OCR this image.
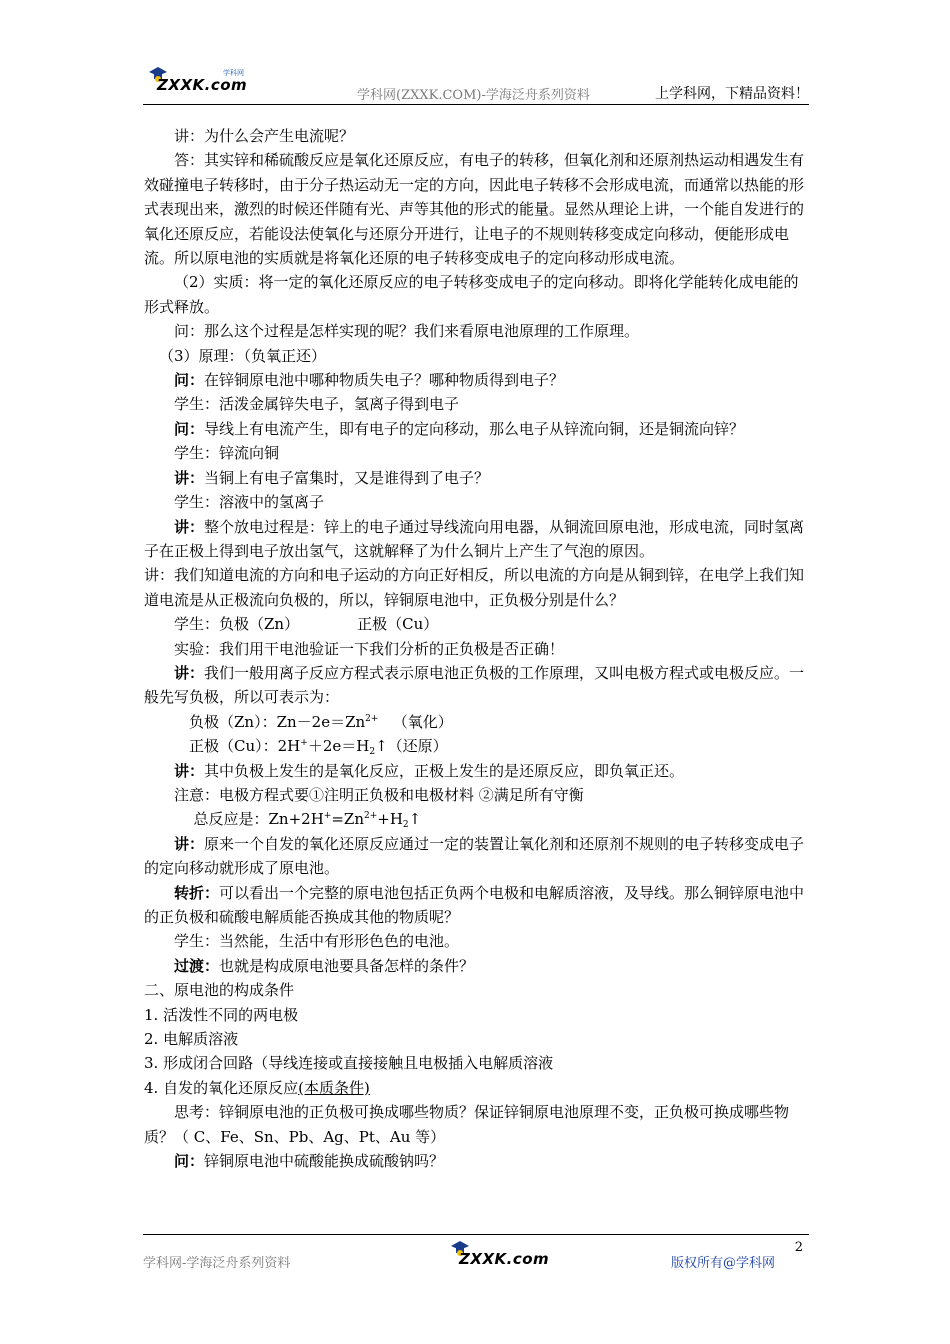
ZXXK.com
学科网
学科网(ZXXK.COM)-学海泛舟系列资料	上学科网，下精品资料！

讲：为什么会产生电流呢？

答：其实锌和稀硫酸反应是氧化还原反应，有电子的转移，但氧化剂和还原剂热运动相遇发生有效碰撞电子转移时，由于分子热运动无一定的方向，因此电子转移不会形成电流，而通常以热能的形式表现出来，激烈的时候还伴随有光、声等其他的形式的能量。显然从理论上讲，一个能自发进行的氧化还原反应，若能设法使氧化与还原分开进行，让电子的不规则转移变成定向移动，便能形成电流。所以原电池的实质就是将氧化还原的电子转移变成电子的定向移动形成电流。

（2）实质：将一定的氧化还原反应的电子转移变成电子的定向移动。即将化学能转化成电能的形式释放。

问：那么这个过程是怎样实现的呢？我们来看原电池原理的工作原理。

（3）原理：（负氧正还）

问：在锌铜原电池中哪种物质失电子？哪种物质得到电子？

学生：活泼金属锌失电子，氢离子得到电子

问：导线上有电流产生，即有电子的定向移动，那么电子从锌流向铜，还是铜流向锌？

学生：锌流向铜

讲：当铜上有电子富集时，又是谁得到了电子？

学生：溶液中的氢离子

讲：整个放电过程是：锌上的电子通过导线流向用电器，从铜流回原电池，形成电流，同时氢离子在正极上得到电子放出氢气，这就解释了为什么铜片上产生了气泡的原因。

讲：我们知道电流的方向和电子运动的方向正好相反，所以电流的方向是从铜到锌，在电学上我们知道电流是从正极流向负极的，所以，锌铜原电池中，正负极分别是什么？

学生：负极（Zn）	正极（Cu）

实验：我们用干电池验证一下我们分析的正负极是否正确！

讲：我们一般用离子反应方程式表示原电池正负极的工作原理，又叫电极方程式或电极反应。一般先写负极，所以可表示为：

负极（Zn）：$Zn-2e=Zn^{2+}$ （氧化）

正极（Cu）：$2H^++2e=H_2↑$（还原）

讲：其中负极上发生的是氧化反应，正极上发生的是还原反应，即负氧正还。

注意：电极方程式要①注明正负极和电极材料 ②满足所有守衡

总反应是：$Zn+2H^+=Zn^{2+}+H_2↑$

讲：原来一个自发的氧化还原反应通过一定的装置让氧化剂和还原剂不规则的电子转移变成电子的定向移动就形成了原电池。

转折：可以看出一个完整的原电池包括正负两个电极和电解质溶液，及导线。那么铜锌原电池中的正负极和硫酸电解质能否换成其他的物质呢？

学生：当然能，生活中有形形色色的电池。

过渡：也就是构成原电池要具备怎样的条件？

二、原电池的构成条件

1. 活泼性不同的两电极

2. 电解质溶液

3. 形成闭合回路（导线连接或直接接触且电极插入电解质溶液

4. 自发的氧化还原反应(本质条件)

思考：锌铜原电池的正负极可换成哪些物质？保证锌铜原电池原理不变，正负极可换成哪些物质？（ C、Fe、Sn、Pb、Ag、Pt、Au 等）

问：锌铜原电池中硫酸能换成硫酸钠吗？

学科网-学海泛舟系列资料	ZXXK.com	版权所有@学科网
2
